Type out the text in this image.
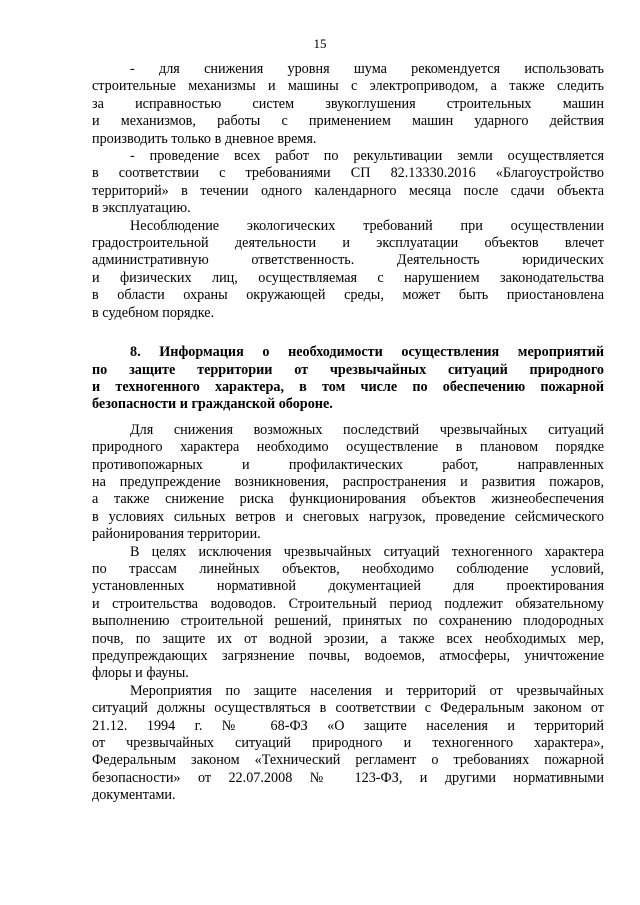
15
- для снижения уровня шума рекомендуется использовать
строительные механизмы и машины с электроприводом, а также следить
за исправностью систем звукоглушения строительных машин
и механизмов, работы с применением машин ударного действия
производить только в дневное время.
- проведение всех работ по рекультивации земли осуществляется
в соответствии с требованиями СП 82.13330.2016 «Благоустройство
территорий» в течении одного календарного месяца после сдачи объекта
в эксплуатацию.
Несоблюдение экологических требований при осуществлении
градостроительной деятельности и эксплуатации объектов влечет
административную ответственность. Деятельность юридических
и физических лиц, осуществляемая с нарушением законодательства
в области охраны окружающей среды, может быть приостановлена
в судебном порядке.
8. Информация о необходимости осуществления мероприятий
по защите территории от чрезвычайных ситуаций природного
и техногенного характера, в том числе по обеспечению пожарной
безопасности и гражданской обороне.
Для снижения возможных последствий чрезвычайных ситуаций
природного характера необходимо осуществление в плановом порядке
противопожарных и профилактических работ, направленных
на предупреждение возникновения, распространения и развития пожаров,
а также снижение риска функционирования объектов жизнеобеспечения
в условиях сильных ветров и снеговых нагрузок, проведение сейсмического
районирования территории.
В целях исключения чрезвычайных ситуаций техногенного характера
по трассам линейных объектов, необходимо соблюдение условий,
установленных нормативной документацией для проектирования
и строительства водоводов. Строительный период подлежит обязательному
выполнению строительной решений, принятых по сохранению плодородных
почв, по защите их от водной эрозии, а также всех необходимых мер,
предупреждающих загрязнение почвы, водоемов, атмосферы, уничтожение
флоры и фауны.
Мероприятия по защите населения и территорий от чрезвычайных
ситуаций должны осуществляться в соответствии с Федеральным законом от
21.12. 1994 г. № 68-ФЗ «О защите населения и территорий
от чрезвычайных ситуаций природного и техногенного характера»,
Федеральным законом «Технический регламент о требованиях пожарной
безопасности» от 22.07.2008 № 123-ФЗ, и другими нормативными
документами.
